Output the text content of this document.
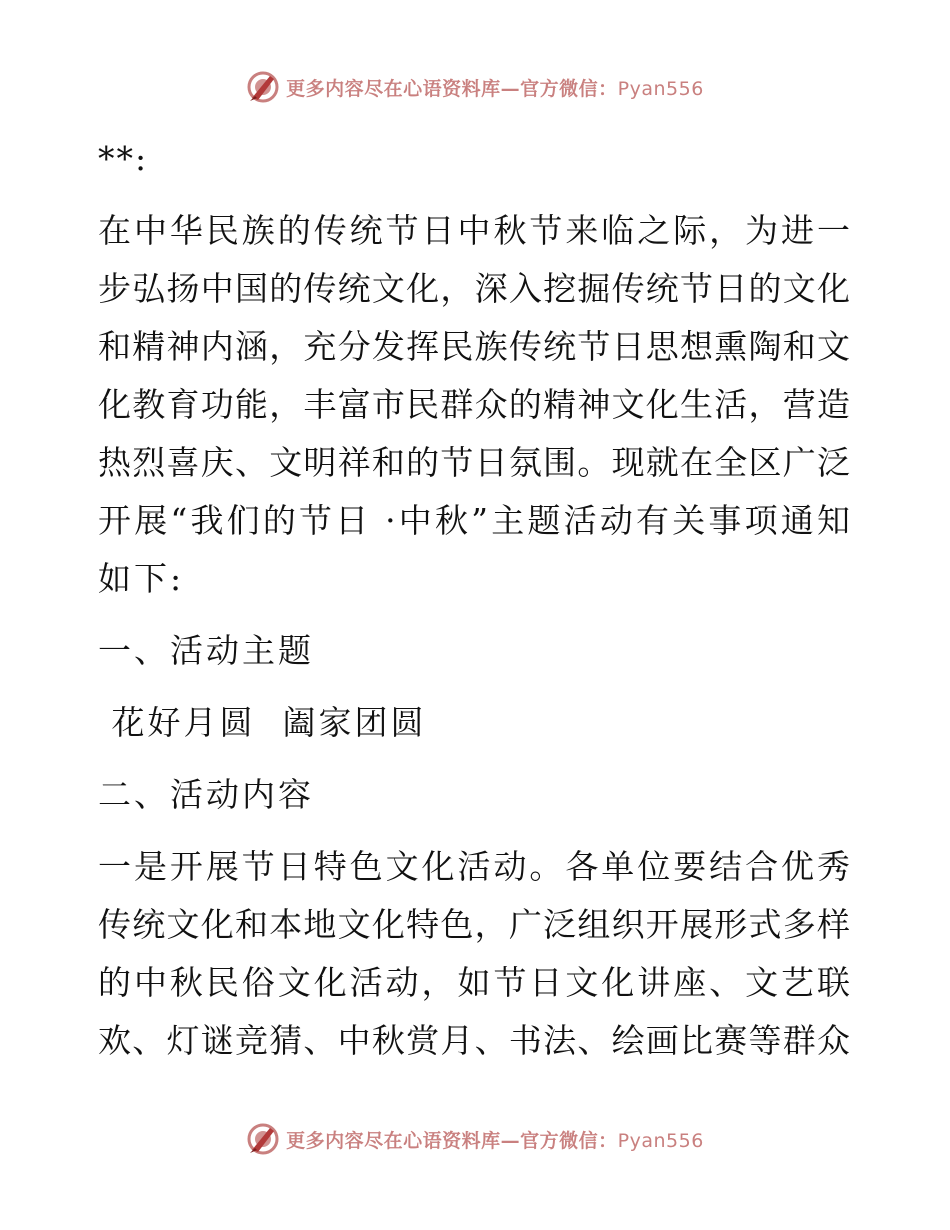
更多内容尽在心语资料库—官方微信：Pyan556
**:
在中华民族的传统节日中秋节来临之际，为进一
步弘扬中国的传统文化，深入挖掘传统节日的文化
和精神内涵，充分发挥民族传统节日思想熏陶和文
化教育功能，丰富市民群众的精神文化生活，营造
热烈喜庆、文明祥和的节日氛围。现就在全区广泛
开展“我们的节日 ·中秋”主题活动有关事项通知
如下:
一、活动主题
花好月圆  阖家团圆
二、活动内容
一是开展节日特色文化活动。各单位要结合优秀
传统文化和本地文化特色，广泛组织开展形式多样
的中秋民俗文化活动，如节日文化讲座、文艺联
欢、灯谜竞猜、中秋赏月、书法、绘画比赛等群众
更多内容尽在心语资料库—官方微信：Pyan556
